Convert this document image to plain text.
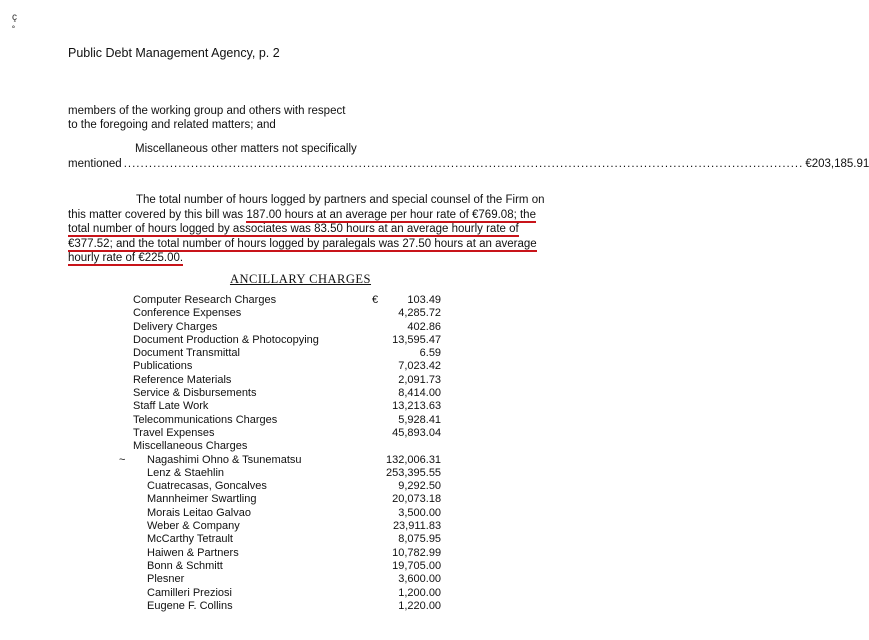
ç
˚
Public Debt Management Agency, p. 2
members of the working group and others with respect
to the foregoing and related matters; and
Miscellaneous other matters not specifically
mentioned .................................................................................................................................................................. €203,185.91
The total number of hours logged by partners and special counsel of the Firm on this matter covered by this bill was 187.00 hours at an average per hour rate of €769.08; the total number of hours logged by associates was 83.50 hours at an average hourly rate of €377.52; and the total number of hours logged by paralegals was 27.50 hours at an average hourly rate of €225.00.
ANCILLARY CHARGES
Computer Research Charges	€	103.49
Conference Expenses		4,285.72
Delivery Charges		402.86
Document Production & Photocopying		13,595.47
Document Transmittal		6.59
Publications		7,023.42
Reference Materials		2,091.73
Service & Disbursements		8,414.00
Staff Late Work		13,213.63
Telecommunications Charges		5,928.41
Travel Expenses		45,893.04
Miscellaneous Charges		

~ Nagashimi Ohno & Tsunematsu		132,006.31
Lenz & Staehlin		253,395.55
Cuatrecasas, Goncalves		9,292.50
Mannheimer Swartling		20,073.18
Morais Leitao Galvao		3,500.00
Weber & Company		23,911.83
McCarthy Tetrault		8,075.95
Haiwen & Partners		10,782.99
Bonn & Schmitt		19,705.00
Plesner		3,600.00
Camilleri Preziosi		1,200.00
Eugene F. Collins		1,220.00
